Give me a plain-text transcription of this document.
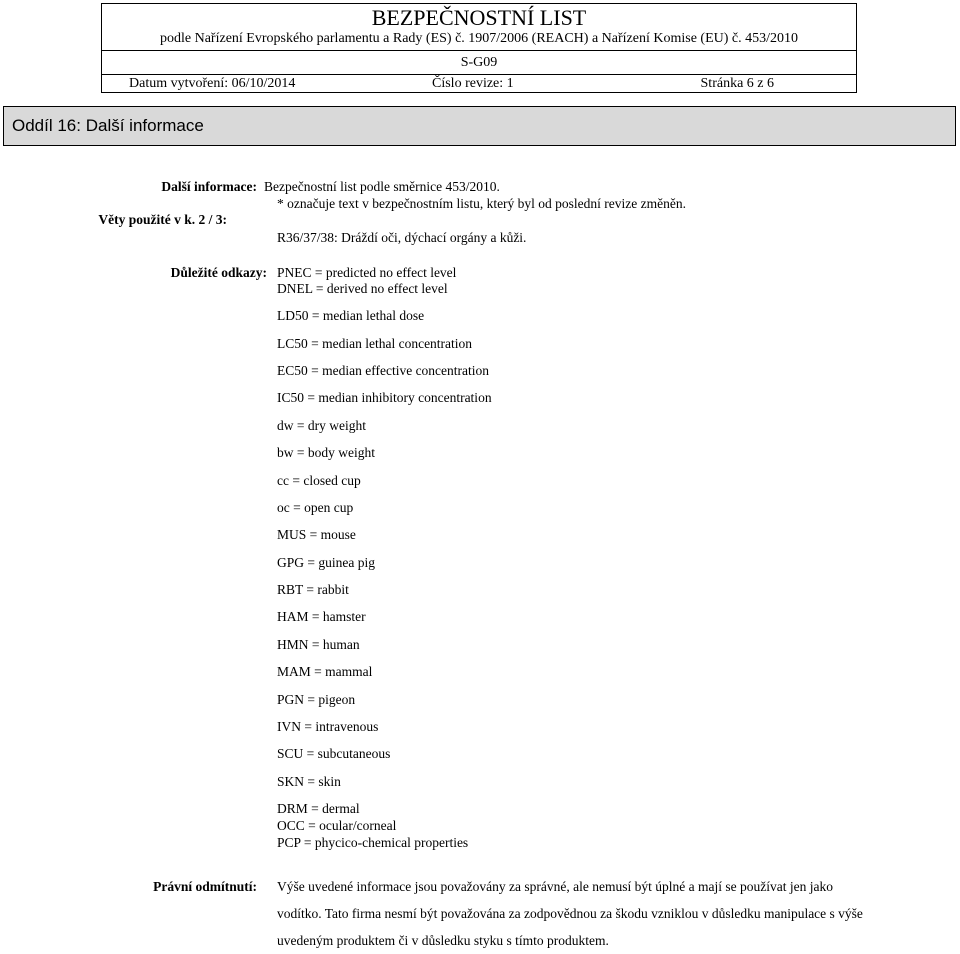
BEZPEČNOSTNÍ LIST
podle Nařízení Evropského parlamentu a Rady (ES) č. 1907/2006 (REACH) a Nařízení Komise (EU) č. 453/2010
S-G09
Datum vytvoření: 06/10/2014	Číslo revize: 1	Stránka 6 z 6
Oddíl 16: Další informace
Další informace: Bezpečnostní list podle směrnice 453/2010.
* označuje text v bezpečnostním listu, který byl od poslední revize změněn.
Věty použité v k. 2 / 3:
R36/37/38: Dráždí oči, dýchací orgány a kůži.
Důležité odkazy: PNEC = predicted no effect level
DNEL = derived no effect level
LD50 = median lethal dose
LC50 = median lethal concentration
EC50 = median effective concentration
IC50 = median inhibitory concentration
dw = dry weight
bw = body weight
cc = closed cup
oc = open cup
MUS = mouse
GPG = guinea pig
RBT = rabbit
HAM = hamster
HMN = human
MAM = mammal
PGN = pigeon
IVN = intravenous
SCU = subcutaneous
SKN = skin
DRM = dermal
OCC = ocular/corneal
PCP = phycico-chemical properties
Právní odmítnutí: Výše uvedené informace jsou považovány za správné, ale nemusí být úplné a mají se používat jen jako vodítko. Tato firma nesmí být považována za zodpovědnou za škodu vzniklou v důsledku manipulace s výše uvedeným produktem či v důsledku styku s tímto produktem.
